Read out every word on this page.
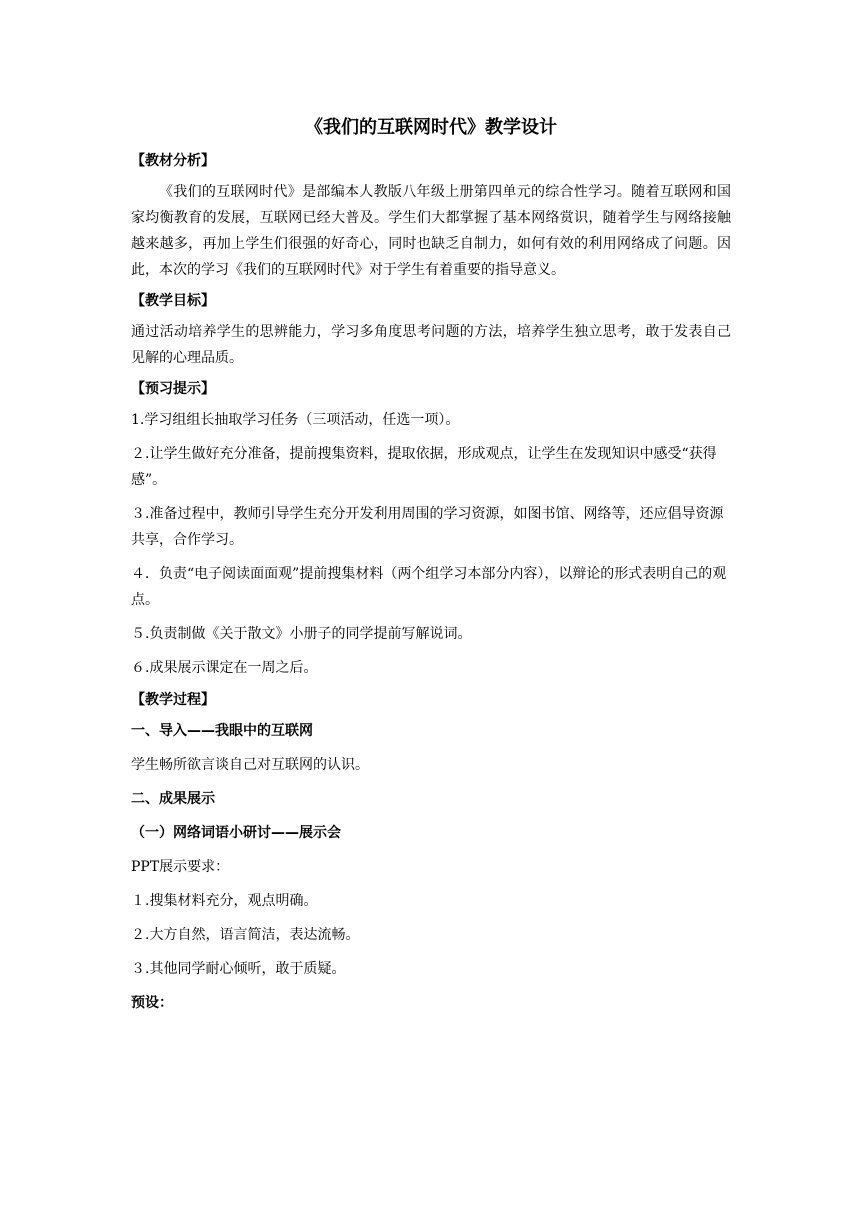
《我们的互联网时代》教学设计
【教材分析】
《我们的互联网时代》是部编本人教版八年级上册第四单元的综合性学习。随着互联网和国家均衡教育的发展，互联网已经大普及。学生们大都掌握了基本网络赏识，随着学生与网络接触越来越多，再加上学生们很强的好奇心，同时也缺乏自制力，如何有效的利用网络成了问题。因此，本次的学习《我们的互联网时代》对于学生有着重要的指导意义。
【教学目标】
通过活动培养学生的思辨能力，学习多角度思考问题的方法，培养学生独立思考，敢于发表自己见解的心理品质。
【预习提示】
1.学习组组长抽取学习任务（三项活动，任选一项）。
２.让学生做好充分准备，提前搜集资料，提取依据，形成观点，让学生在发现知识中感受“获得感”。
３.准备过程中，教师引导学生充分开发利用周围的学习资源，如图书馆、网络等，还应倡导资源共享，合作学习。
４．负责“电子阅读面面观”提前搜集材料（两个组学习本部分内容），以辩论的形式表明自己的观点。
５.负责制做《关于散文》小册子的同学提前写解说词。
６.成果展示课定在一周之后。
【教学过程】
一、导入——我眼中的互联网
学生畅所欲言谈自己对互联网的认识。
二、成果展示
（一）网络词语小研讨——展示会
PPT展示要求：
１.搜集材料充分，观点明确。
２.大方自然，语言简洁，表达流畅。
３.其他同学耐心倾听，敢于质疑。
预设：
